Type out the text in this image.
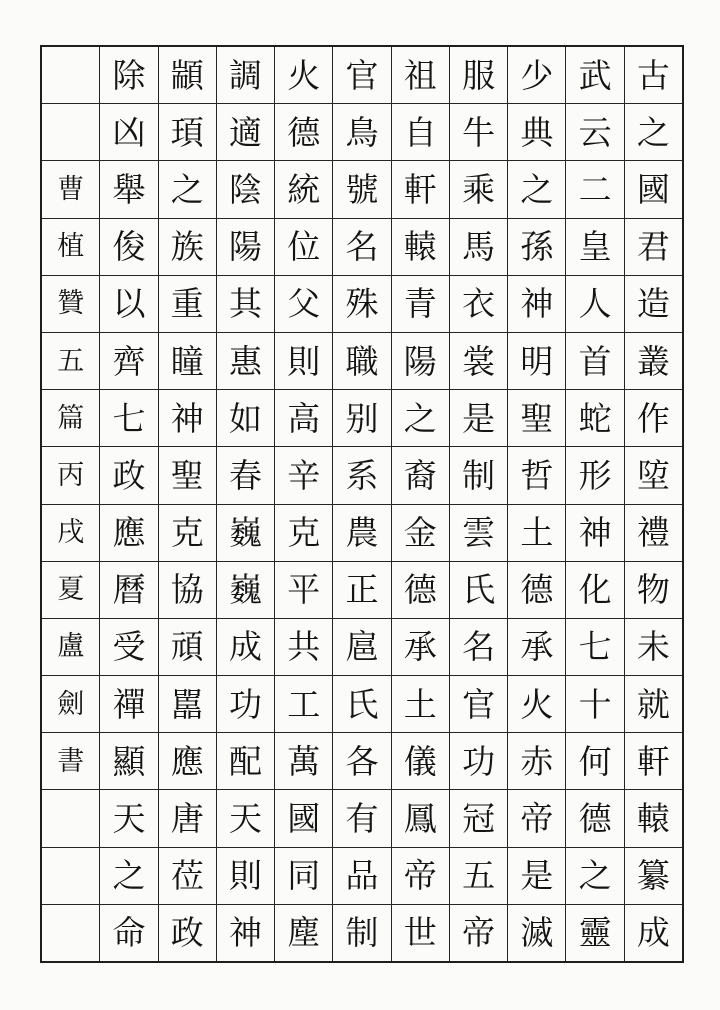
古
之
國
君
造
叢
作
埅
禮
物
未
就
軒
轅
纂
成
武
云
二
皇
人
首
蛇
形
神
化
七
十
何
德
之
靈
少
典
之
孫
神
明
聖
哲
土
德
承
火
赤
帝
是
滅
服
牛
乘
馬
衣
裳
是
制
雲
氏
名
官
功
冠
五
帝
祖
自
軒
轅
青
陽
之
裔
金
德
承
土
儀
鳳
帝
世
官
鳥
號
名
殊
職
别
系
農
正
扈
氏
各
有
品
制
火
德
統
位
父
則
高
辛
克
平
共
工
萬
國
同
塵
調
適
陰
陽
其
惠
如
春
巍
巍
成
功
配
天
則
神
顓
頊
之
族
重
瞳
神
聖
克
協
頑
嚚
應
唐
莅
政
除
凶
舉
俊
以
齊
七
政
應
曆
受
禪
顯
天
之
命
曹
植
贊
五
篇
丙
戌
夏
盧
劍
書
